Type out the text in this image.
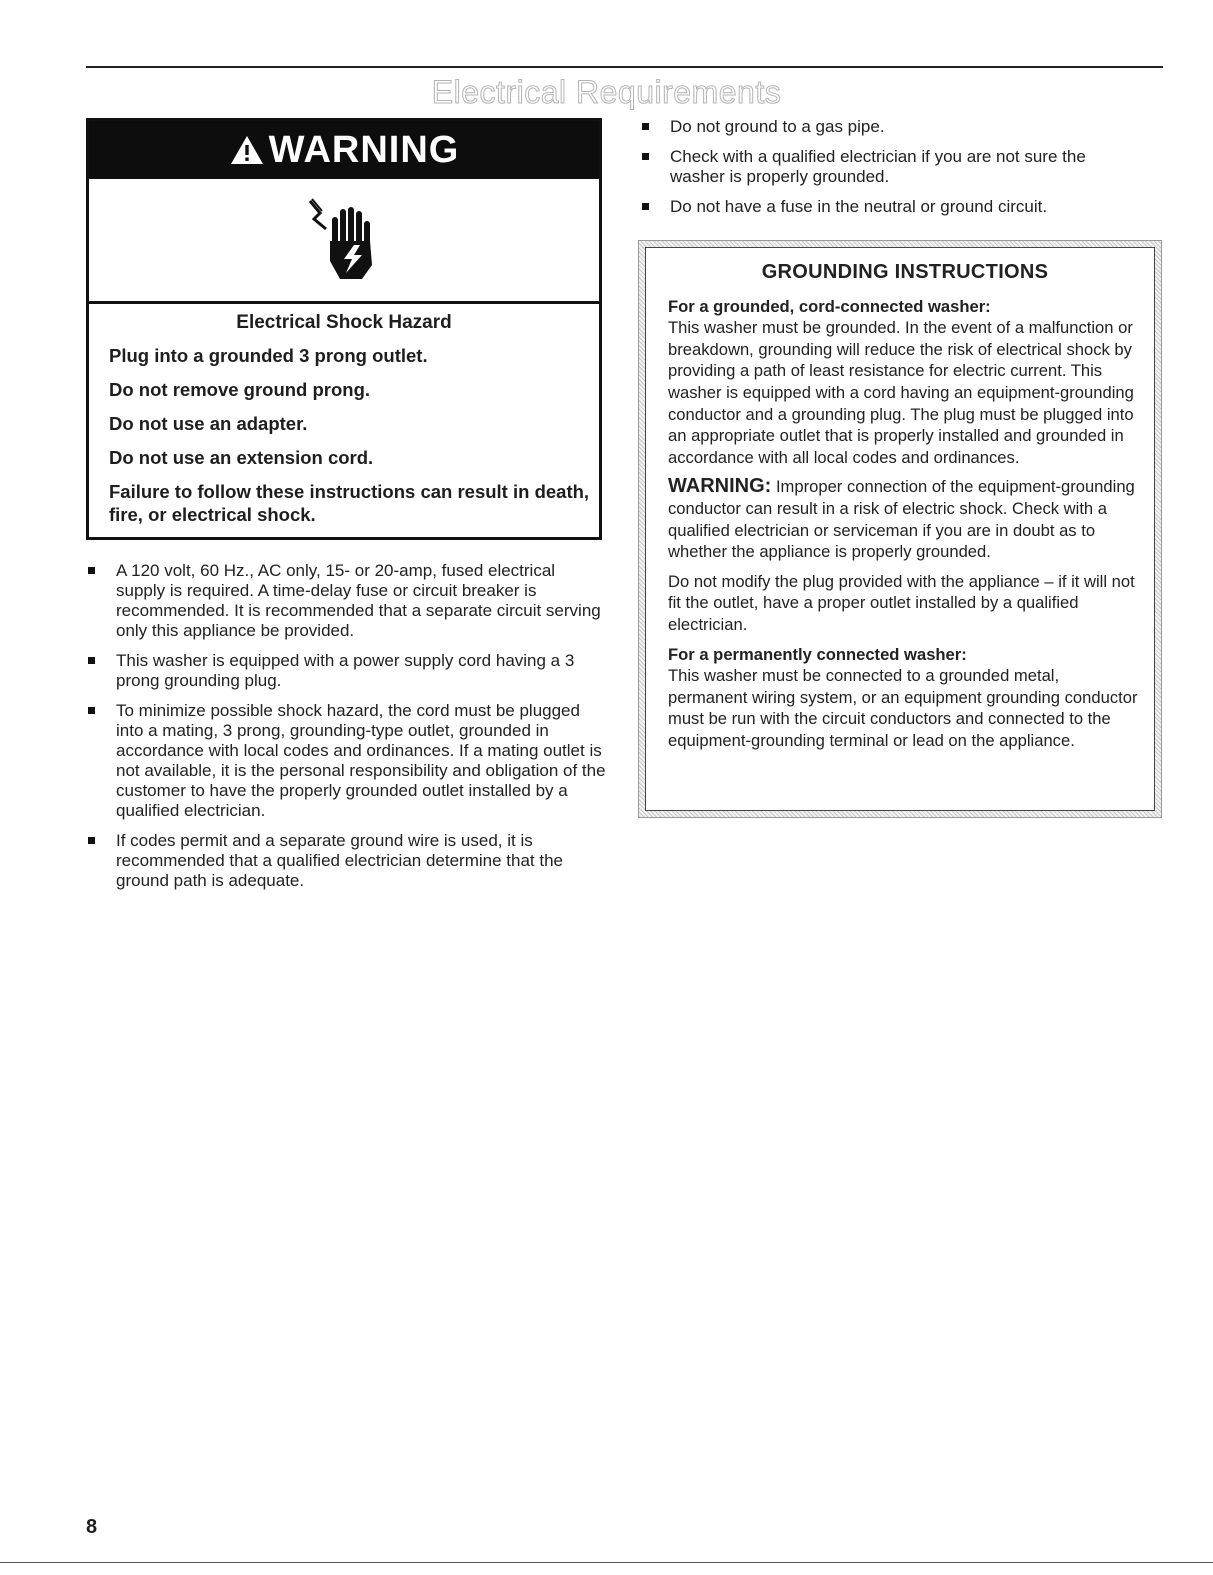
Electrical Requirements
WARNING

Electrical Shock Hazard

Plug into a grounded 3 prong outlet.

Do not remove ground prong.

Do not use an adapter.

Do not use an extension cord.

Failure to follow these instructions can result in death, fire, or electrical shock.

A 120 volt, 60 Hz., AC only, 15- or 20-amp, fused electrical supply is required. A time-delay fuse or circuit breaker is recommended. It is recommended that a separate circuit serving only this appliance be provided.
This washer is equipped with a power supply cord having a 3 prong grounding plug.
To minimize possible shock hazard, the cord must be plugged into a mating, 3 prong, grounding-type outlet, grounded in accordance with local codes and ordinances. If a mating outlet is not available, it is the personal responsibility and obligation of the customer to have the properly grounded outlet installed by a qualified electrician.
If codes permit and a separate ground wire is used, it is recommended that a qualified electrician determine that the ground path is adequate.
Do not ground to a gas pipe.
Check with a qualified electrician if you are not sure the washer is properly grounded.
Do not have a fuse in the neutral or ground circuit.
GROUNDING INSTRUCTIONS

For a grounded, cord-connected washer:

This washer must be grounded. In the event of a malfunction or breakdown, grounding will reduce the risk of electrical shock by providing a path of least resistance for electric current. This washer is equipped with a cord having an equipment-grounding conductor and a grounding plug. The plug must be plugged into an appropriate outlet that is properly installed and grounded in accordance with all local codes and ordinances.

WARNING: Improper connection of the equipment-grounding conductor can result in a risk of electric shock. Check with a qualified electrician or serviceman if you are in doubt as to whether the appliance is properly grounded.

Do not modify the plug provided with the appliance – if it will not fit the outlet, have a proper outlet installed by a qualified electrician.

For a permanently connected washer:

This washer must be connected to a grounded metal, permanent wiring system, or an equipment grounding conductor must be run with the circuit conductors and connected to the equipment-grounding terminal or lead on the appliance.

8
